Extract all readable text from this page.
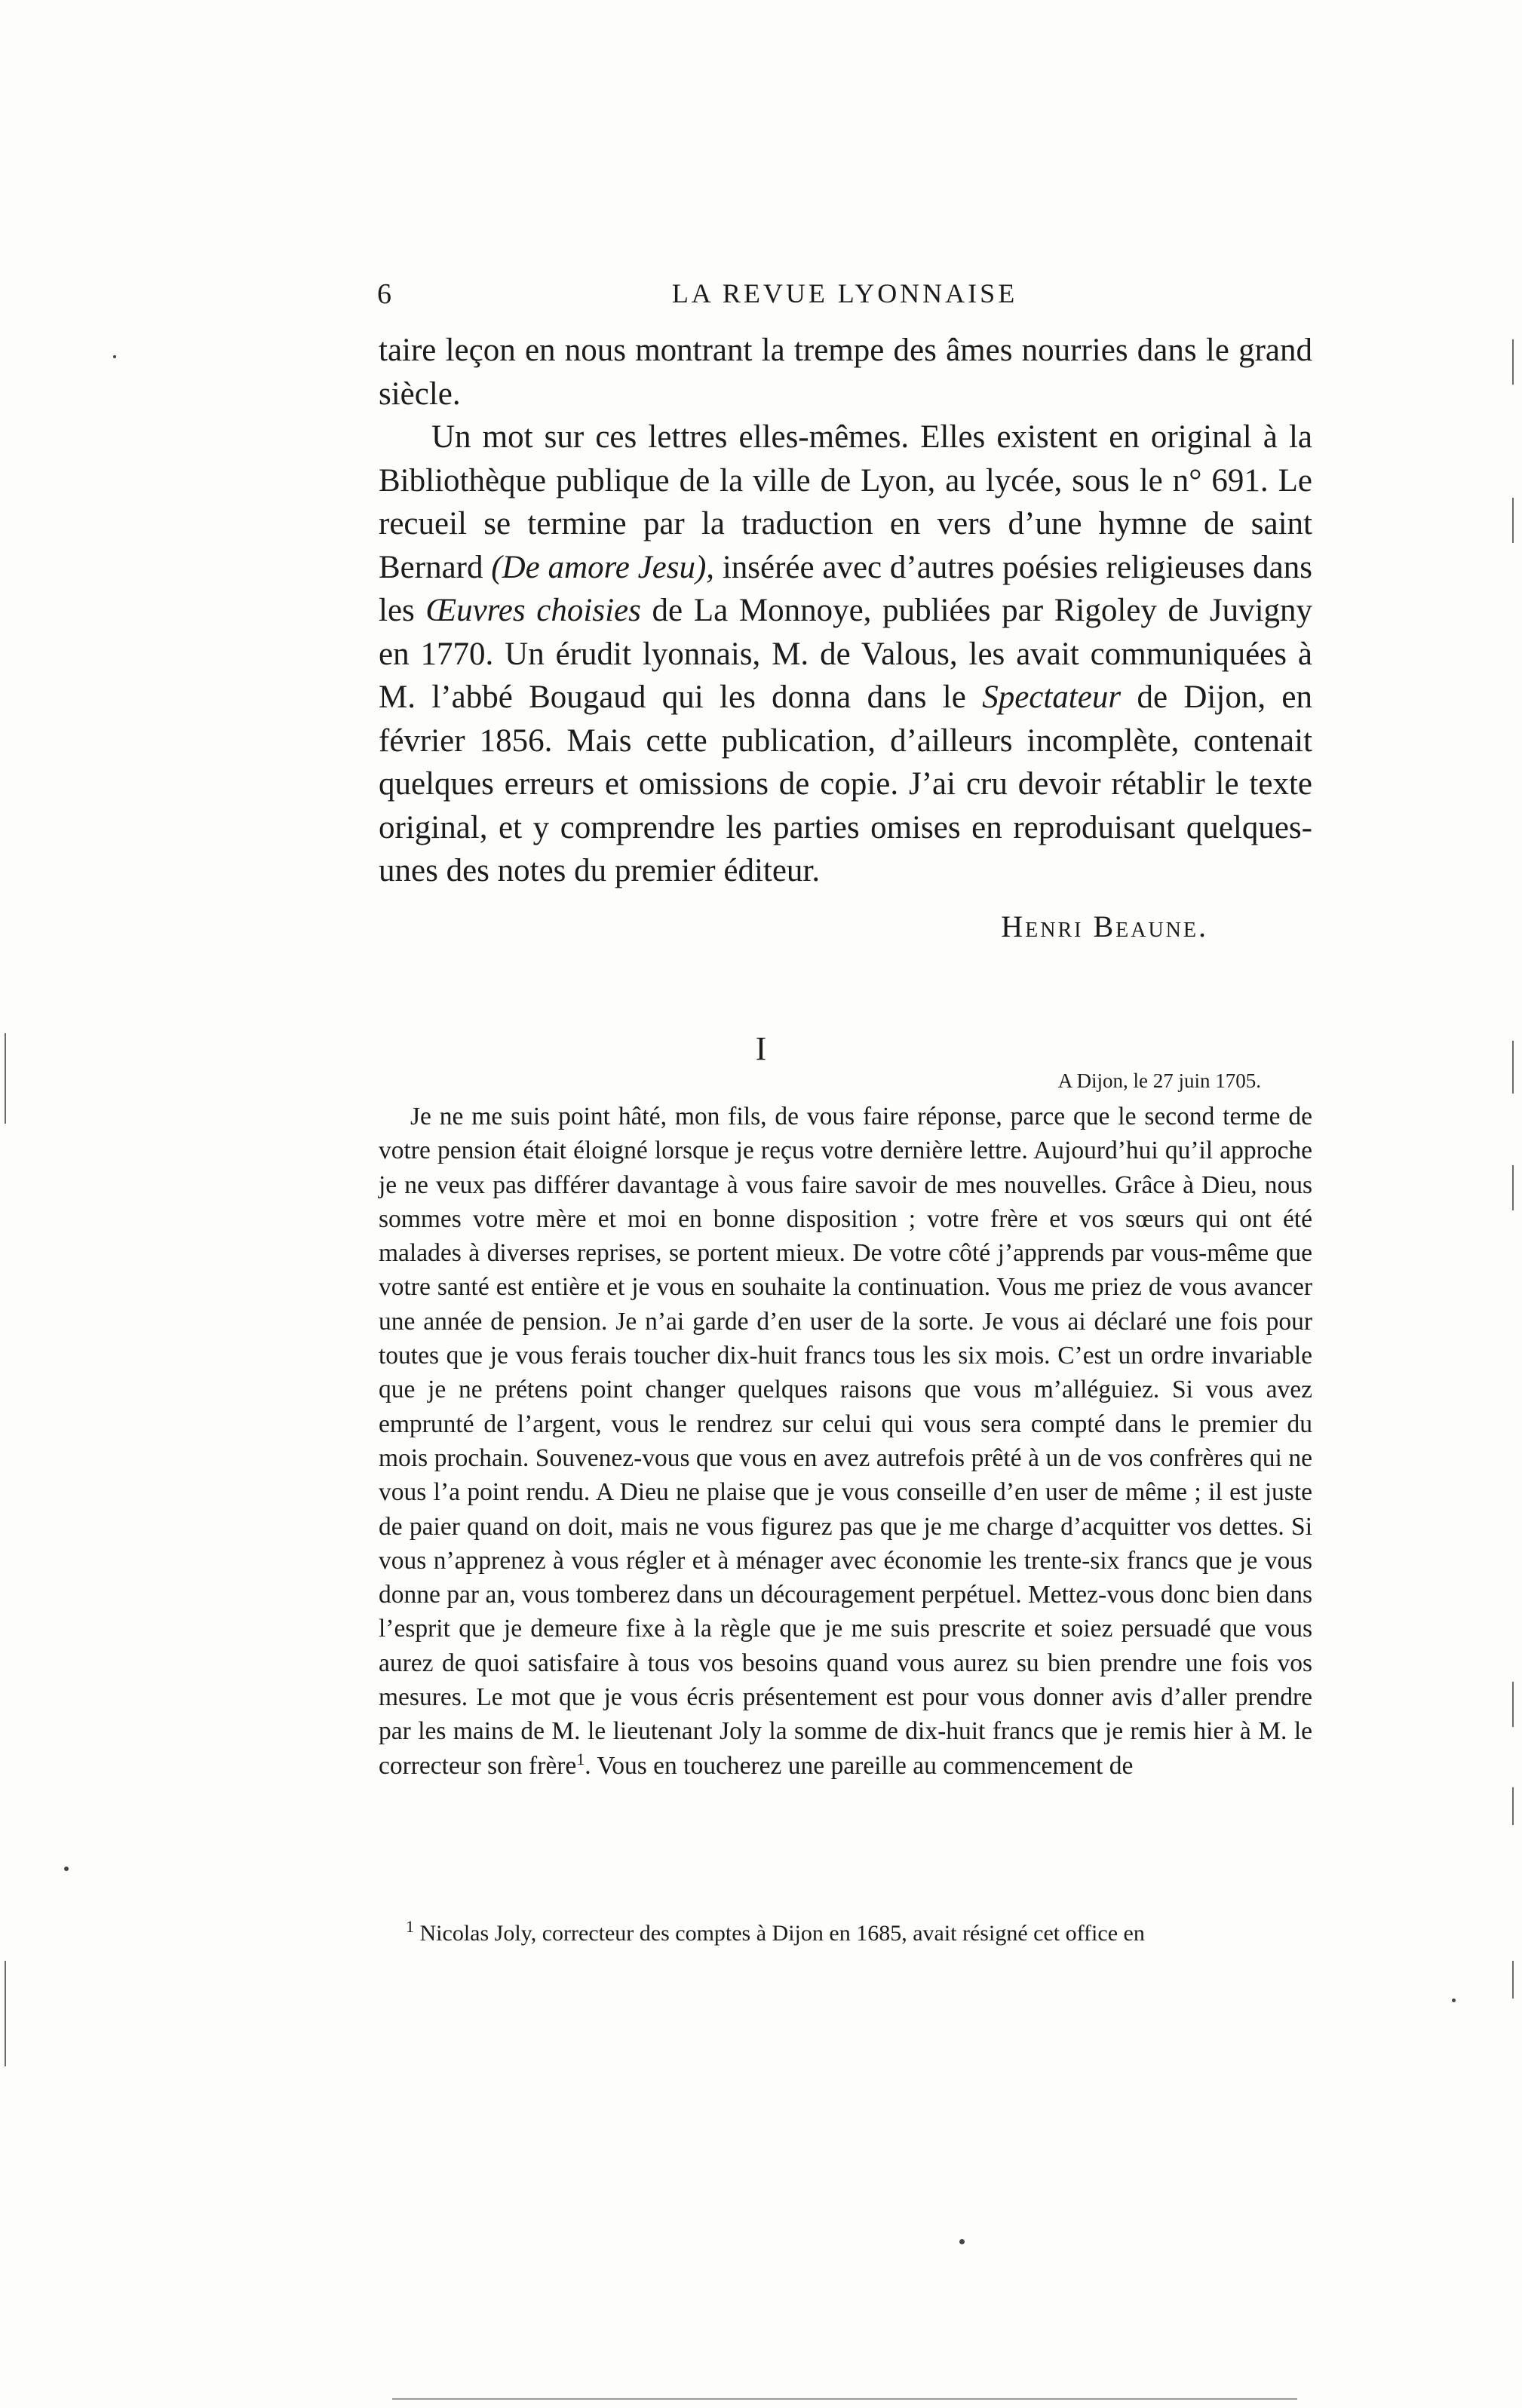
6	LA REVUE LYONNAISE

taire leçon en nous montrant la trempe des âmes nourries dans le grand siècle.

Un mot sur ces lettres elles-mêmes. Elles existent en original à la Bibliothèque publique de la ville de Lyon, au lycée, sous le n° 691. Le recueil se termine par la traduction en vers d’une hymne de saint Bernard (De amore Jesu), insérée avec d’autres poésies religieuses dans les Œuvres choisies de La Monnoye, publiées par Rigoley de Juvigny en 1770. Un érudit lyonnais, M. de Valous, les avait communiquées à M. l’abbé Bougaud qui les donna dans le Spectateur de Dijon, en février 1856. Mais cette publication, d’ailleurs incomplète, contenait quelques erreurs et omissions de copie. J’ai cru devoir rétablir le texte original, et y comprendre les parties omises en reproduisant quelques-unes des notes du premier éditeur.

Henri Beaune.
I
A Dijon, le 27 juin 1705.

Je ne me suis point hâté, mon fils, de vous faire réponse, parce que le second terme de votre pension était éloigné lorsque je reçus votre dernière lettre. Aujourd’hui qu’il approche je ne veux pas différer davantage à vous faire savoir de mes nouvelles. Grâce à Dieu, nous sommes votre mère et moi en bonne disposition ; votre frère et vos sœurs qui ont été malades à diverses reprises, se portent mieux. De votre côté j’apprends par vous-même que votre santé est entière et je vous en souhaite la continuation. Vous me priez de vous avancer une année de pension. Je n’ai garde d’en user de la sorte. Je vous ai déclaré une fois pour toutes que je vous ferais toucher dix-huit francs tous les six mois. C’est un ordre invariable que je ne prétens point changer quelques raisons que vous m’alléguiez. Si vous avez emprunté de l’argent, vous le rendrez sur celui qui vous sera compté dans le premier du mois prochain. Souvenez-vous que vous en avez autrefois prêté à un de vos confrères qui ne vous l’a point rendu. A Dieu ne plaise que je vous conseille d’en user de même ; il est juste de paier quand on doit, mais ne vous figurez pas que je me charge d’acquitter vos dettes. Si vous n’apprenez à vous régler et à ménager avec économie les trente-six francs que je vous donne par an, vous tomberez dans un découragement perpétuel. Mettez-vous donc bien dans l’esprit que je demeure fixe à la règle que je me suis prescrite et soiez persuadé que vous aurez de quoi satisfaire à tous vos besoins quand vous aurez su bien prendre une fois vos mesures. Le mot que je vous écris présentement est pour vous donner avis d’aller prendre par les mains de M. le lieutenant Joly la somme de dix-huit francs que je remis hier à M. le correcteur son frère$^1$. Vous en toucherez une pareille au commencement de

$^1$ Nicolas Joly, correcteur des comptes à Dijon en 1685, avait résigné cet office en
